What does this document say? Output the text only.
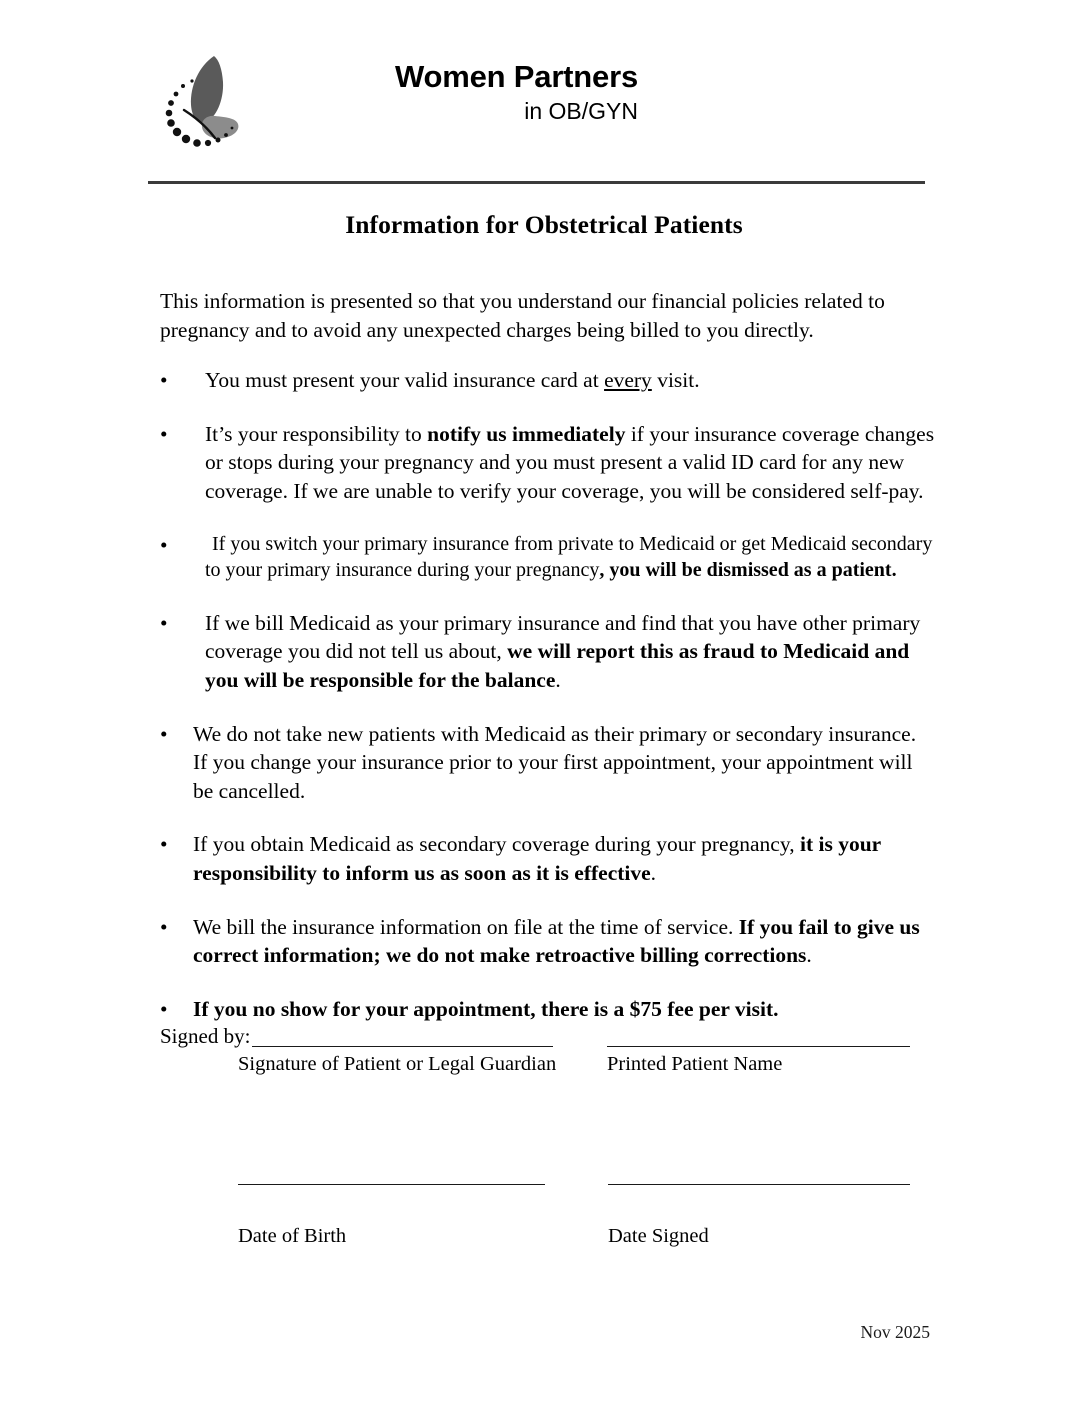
Women Partners
in OB/GYN
Information for Obstetrical Patients

This information is presented so that you understand our financial policies related to pregnancy and to avoid any unexpected charges being billed to you directly.

•	You must present your valid insurance card at every visit.
•	It’s your responsibility to notify us immediately if your insurance coverage changes or stops during your pregnancy and you must present a valid ID card for any new coverage. If we are unable to verify your coverage, you will be considered self-pay.
•	If you switch your primary insurance from private to Medicaid or get Medicaid secondary to your primary insurance during your pregnancy, you will be dismissed as a patient.
•	If we bill Medicaid as your primary insurance and find that you have other primary coverage you did not tell us about, we will report this as fraud to Medicaid and you will be responsible for the balance.
•	We do not take new patients with Medicaid as their primary or secondary insurance. If you change your insurance prior to your first appointment, your appointment will be cancelled.
•	If you obtain Medicaid as secondary coverage during your pregnancy, it is your responsibility to inform us as soon as it is effective.
•	We bill the insurance information on file at the time of service. If you fail to give us correct information; we do not make retroactive billing corrections.
•	If you no show for your appointment, there is a $75 fee per visit.
Signed by:
Signature of Patient or Legal Guardian Printed Patient Name
Date of Birth	Date Signed
Nov 2025
